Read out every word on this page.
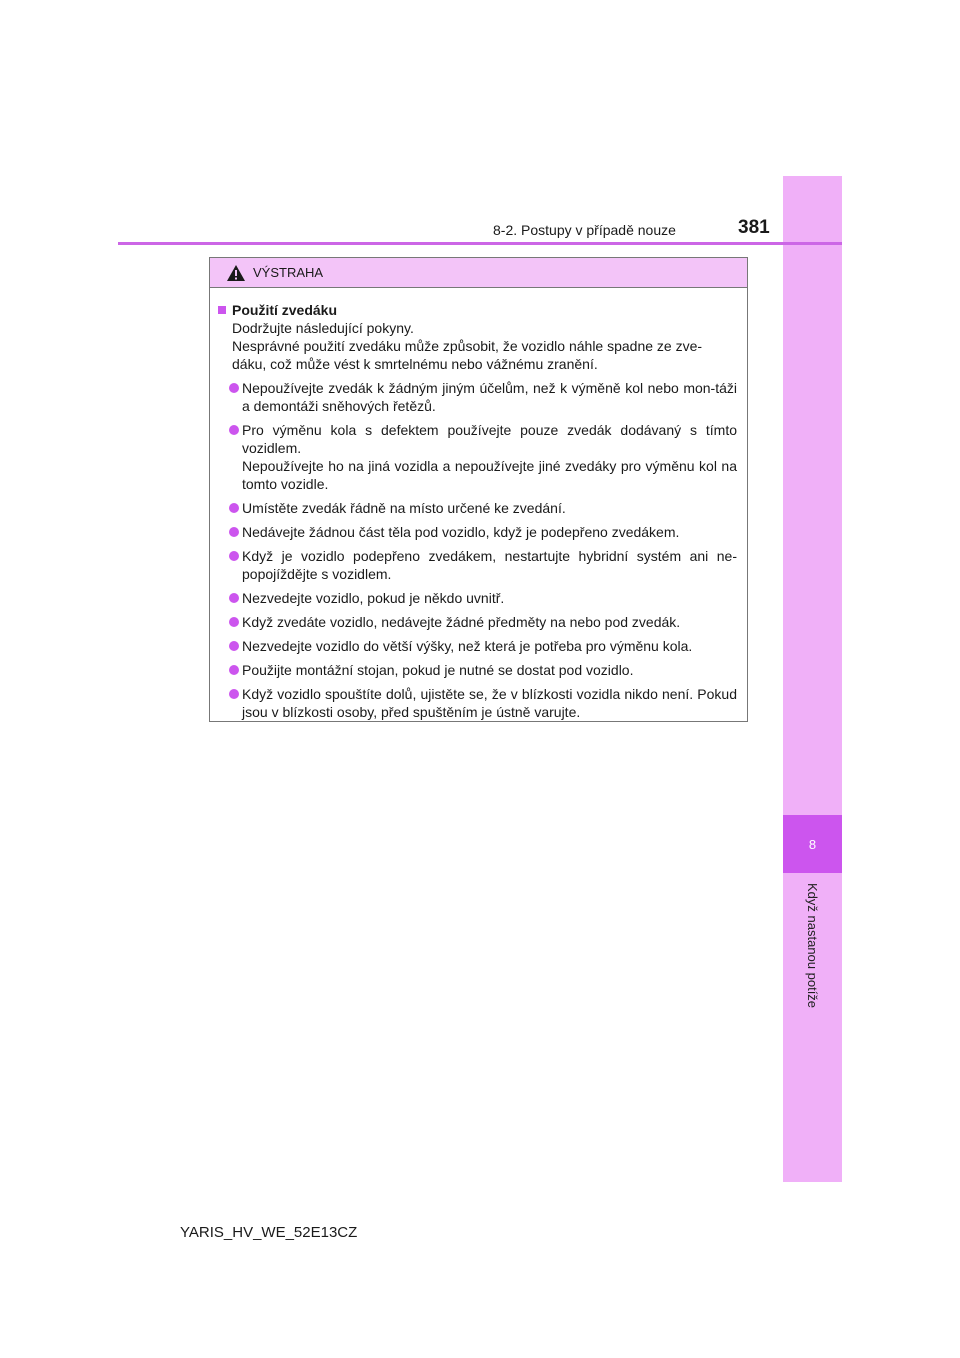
8
Když nastanou potíže
8-2. Postupy v případě nouze	381
VÝSTRAHA
Použití zvedáku
Dodržujte následující pokyny.
Nesprávné použití zvedáku může způsobit, že vozidlo náhle spadne ze zve-
dáku, což může vést k smrtelnému nebo vážnému zranění.
Nepoužívejte zvedák k žádným jiným účelům, než k výměně kol nebo mon-táži a demontáži sněhových řetězů.
Pro výměnu kola s defektem používejte pouze zvedák dodávaný s tímto vozidlem.
Nepoužívejte ho na jiná vozidla a nepoužívejte jiné zvedáky pro výměnu kol na tomto vozidle.
Umístěte zvedák řádně na místo určené ke zvedání.
Nedávejte žádnou část těla pod vozidlo, když je podepřeno zvedákem.
Když je vozidlo podepřeno zvedákem, nestartujte hybridní systém ani ne-popojíždějte s vozidlem.
Nezvedejte vozidlo, pokud je někdo uvnitř.
Když zvedáte vozidlo, nedávejte žádné předměty na nebo pod zvedák.
Nezvedejte vozidlo do větší výšky, než která je potřeba pro výměnu kola.
Použijte montážní stojan, pokud je nutné se dostat pod vozidlo.
Když vozidlo spouštíte dolů, ujistěte se, že v blízkosti vozidla nikdo není. Pokud jsou v blízkosti osoby, před spuštěním je ústně varujte.
YARIS_HV_WE_52E13CZ
